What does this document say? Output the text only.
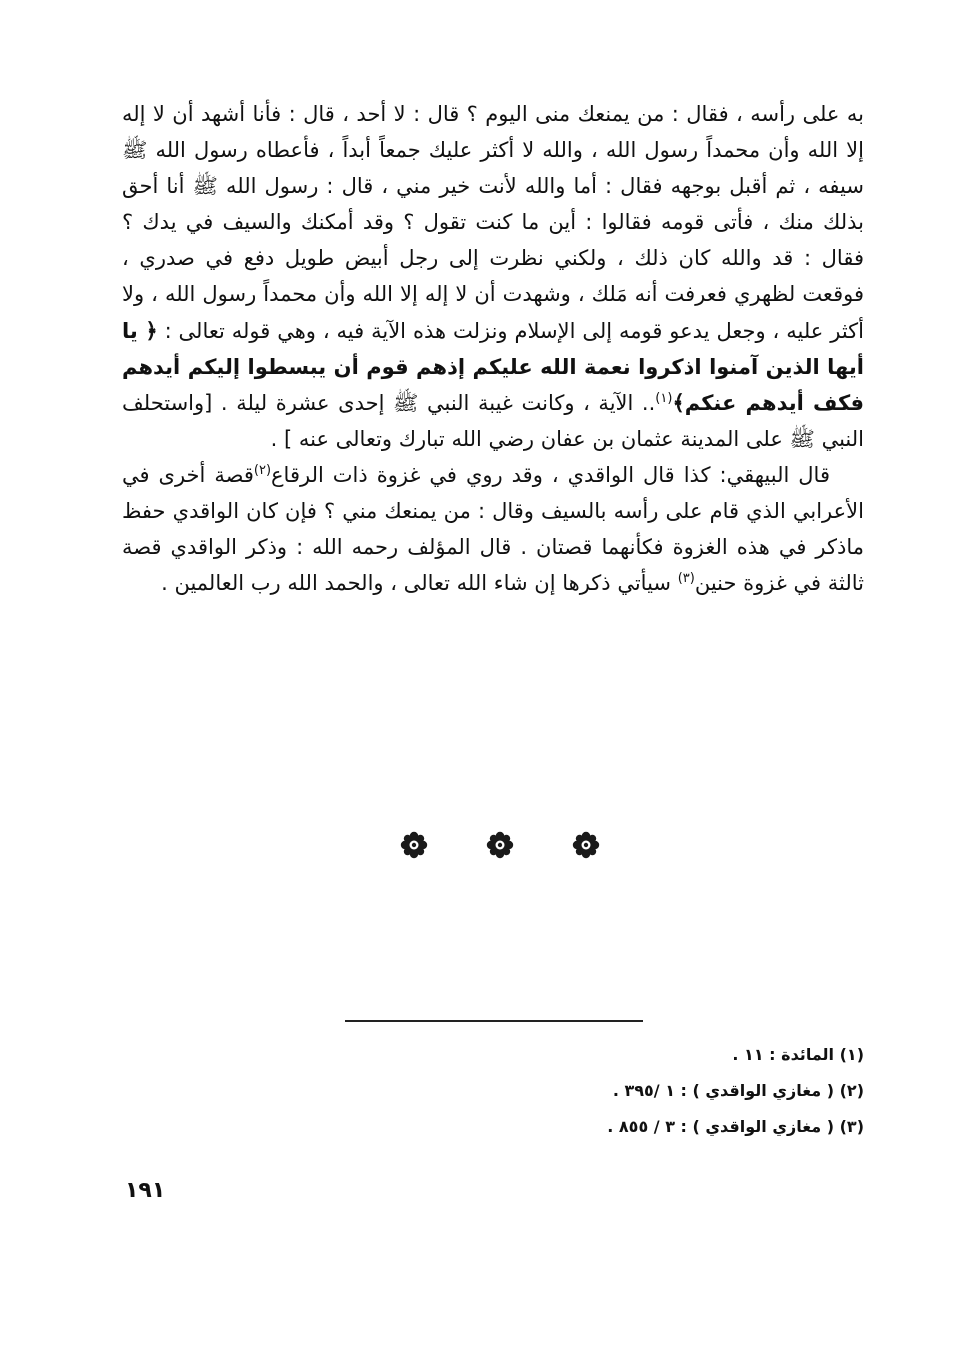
به على رأسه ، فقال : من يمنعك منى اليوم ؟ قال : لا أحد ، قال : فأنا أشهد أن لا إله إلا الله وأن محمداً رسول الله ، والله لا أكثر عليك جمعاً أبداً ، فأعطاه رسول الله ﷺ سيفه ، ثم أقبل بوجهه فقال : أما والله لأنت خير مني ، قال : رسول الله ﷺ أنا أحق بذلك منك ، فأتى قومه فقالوا : أين ما كنت تقول ؟ وقد أمكنك والسيف في يدك ؟ فقال : قد والله كان ذلك ، ولكني نظرت إلى رجل أبيض طويل دفع في صدري ، فوقعت لظهري فعرفت أنه مَلك ، وشهدت أن لا إله إلا الله وأن محمداً رسول الله ، ولا أكثر عليه ، وجعل يدعو قومه إلى الإسلام ونزلت هذه الآية فيه ، وهي قوله تعالى : ﴿ يا أيها الذين آمنوا اذكروا نعمة الله عليكم إذهم قوم أن يبسطوا إليكم أيدهم فكف أيدهم عنكم﴾$^{(١)}$.. الآية ، وكانت غيبة النبي ﷺ إحدى عشرة ليلة . [واستحلف النبي ﷺ على المدينة عثمان بن عفان رضي الله تبارك وتعالى عنه ] .

قال البيهقي: كذا قال الواقدي ، وقد روي في غزوة ذات الرقاع$^{(٢)}$قصة أخرى في الأعرابي الذي قام على رأسه بالسيف وقال : من يمنعك مني ؟ فإن كان الواقدي حفظ ماذكر في هذه الغزوة فكأنهما قصتان . قال المؤلف رحمه الله : وذكر الواقدي قصة ثالثة في غزوة حنين$^{(٣)}$ سيأتي ذكرها إن شاء الله تعالى ، والحمد الله رب العالمين .

(١) المائدة : ١١ .

(٢) ( مغازي الواقدي ) : ١ /٣٩٥ .

(٣) ( مغازي الواقدي ) : ٣ / ٨٥٥ .

١٩١
